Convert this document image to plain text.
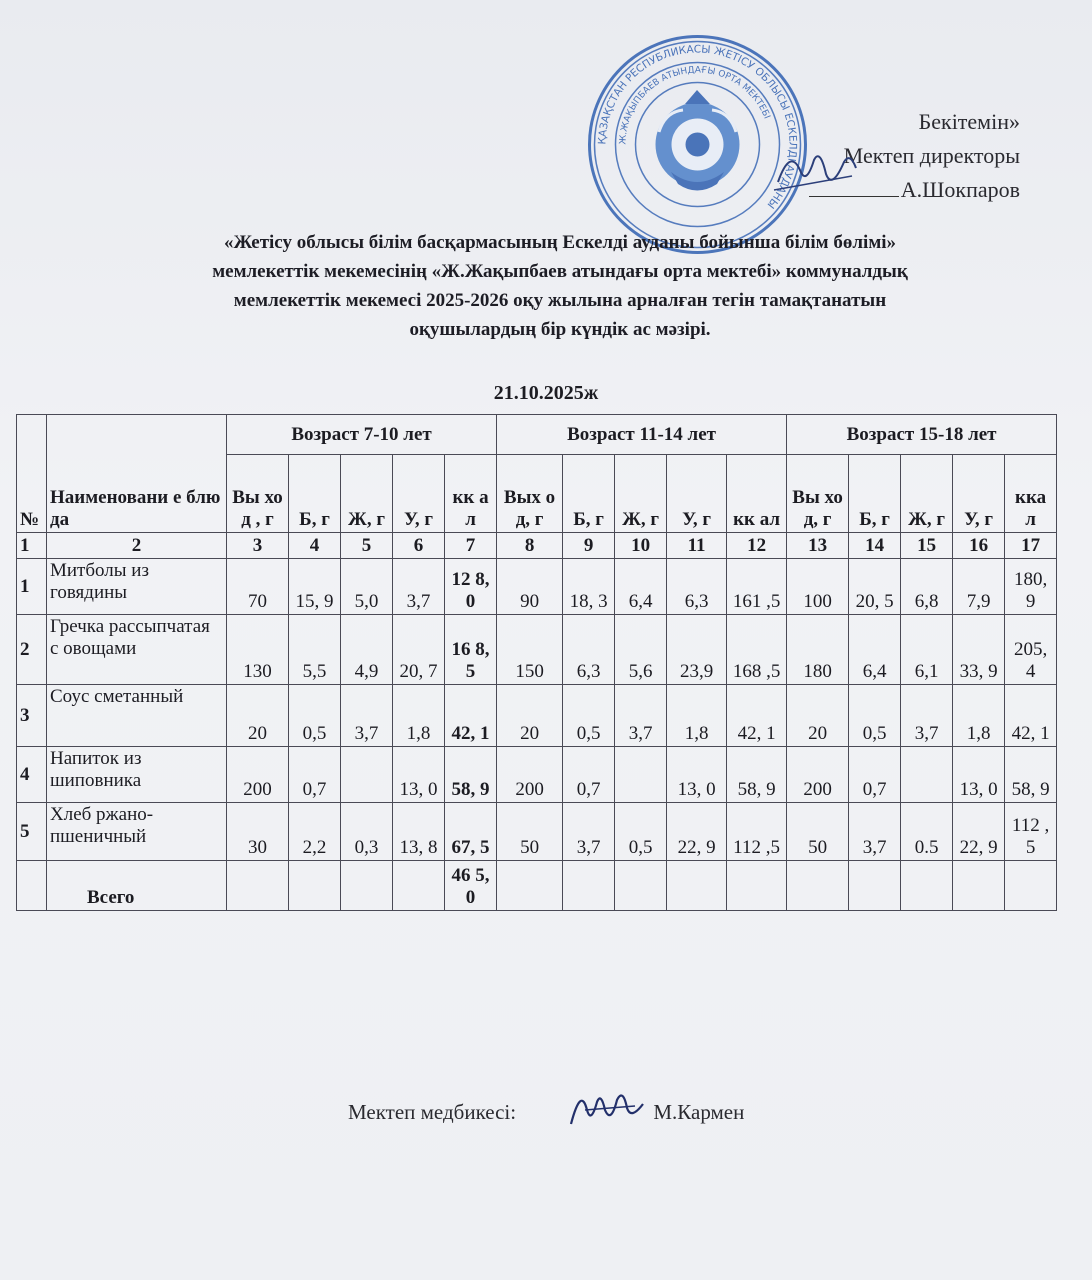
ҚАЗАҚСТАН РЕСПУБЛИКАСЫ ЖЕТІСУ ОБЛЫСЫ ЕСКЕЛДІ АУДАНЫ
Ж.ЖАҚЫПБАЕВ АТЫНДАҒЫ ОРТА МЕКТЕБІ	Бекітемін»
Мектеп директоры
А.Шокпаров
«Жетісу облысы білім басқармасының Ескелді ауданы бойынша білім бөлімі»
мемлекеттік мекемесінің «Ж.Жақыпбаев атындағы орта мектебі» коммуналдық
мемлекеттік мекемесі 2025-2026 оқу жылына арналған тегін тамақтанатын
оқушылардың бір күндік ас мәзірі.
21.10.2025ж
№	Наименовани е блюда	Возраст 7-10 лет					Возраст 11-14 лет					Возраст 15-18 лет				
		Вы ход , г	Б, г	Ж, г	У, г	кк ал	Вых од, г	Б, г	Ж, г	У, г	кк ал	Вы ход, г	Б, г	Ж, г	У, г	кка л
1	2	3	4	5	6	7	8	9	10	11	12	13	14	15	16	17
1	Митболы из говядины	70	15, 9	5,0	3,7	12 8,0	90	18, 3	6,4	6,3	161 ,5	100	20, 5	6,8	7,9	180, 9
2	Гречка рассыпчатая с овощами	130	5,5	4,9	20, 7	16 8,5	150	6,3	5,6	23,9	168 ,5	180	6,4	6,1	33, 9	205, 4
3	Соус сметанный	20	0,5	3,7	1,8	42, 1	20	0,5	3,7	1,8	42, 1	20	0,5	3,7	1,8	42, 1
4	Напиток из шиповника	200	0,7		13, 0	58, 9	200	0,7		13, 0	58, 9	200	0,7		13, 0	58, 9
5	Хлеб ржано-пшеничный	30	2,2	0,3	13, 8	67, 5	50	3,7	0,5	22, 9	112 ,5	50	3,7	0.5	22, 9	112 ,5
	Всего					46 5,0										
Мектеп медбикесі:	М.Кармен
